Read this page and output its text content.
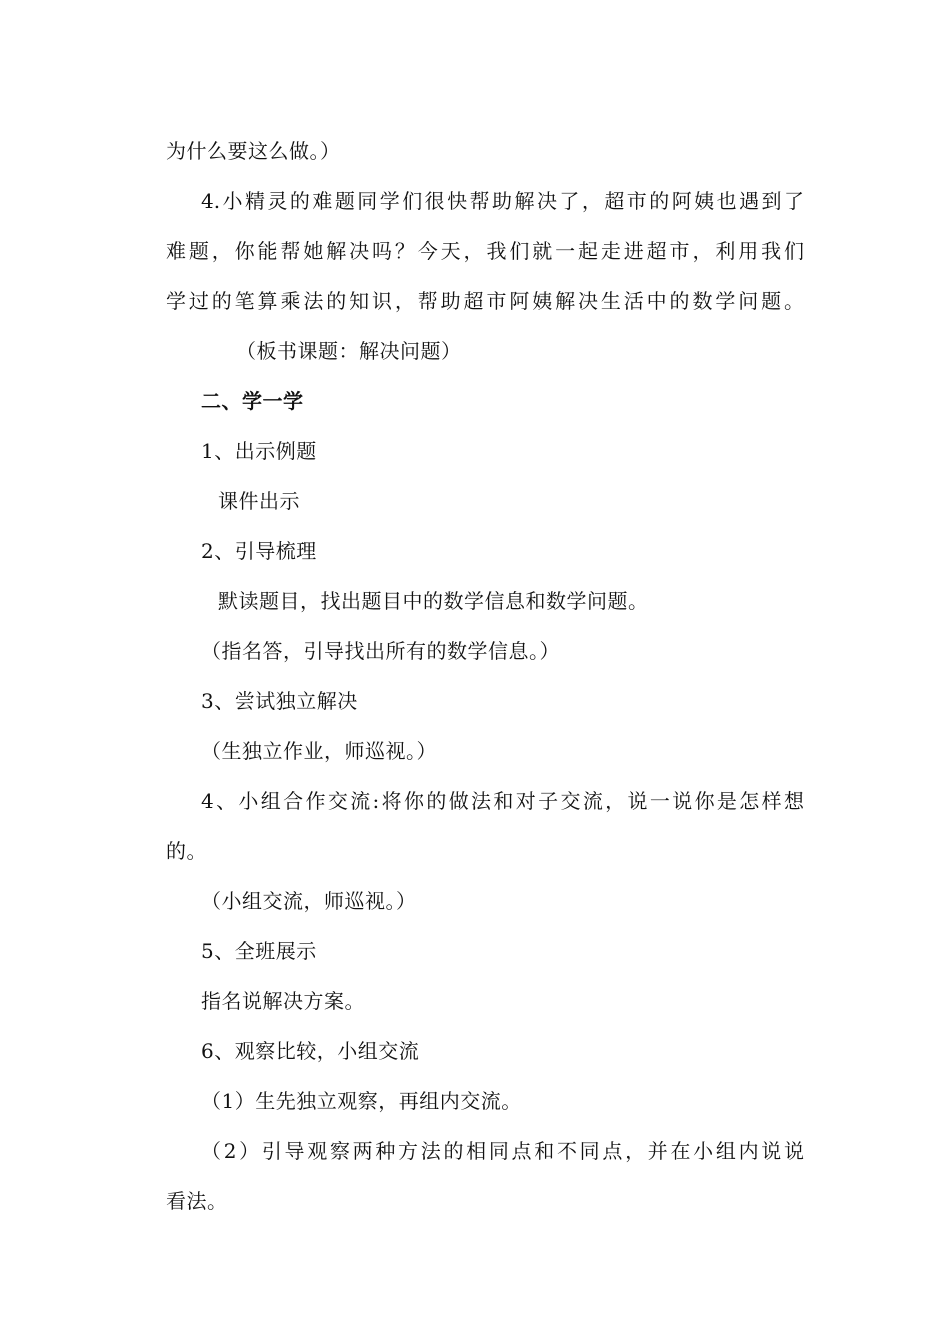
为什么要这么做。）
4.小精灵的难题同学们很快帮助解决了，超市的阿姨也遇到了
难题，你能帮她解决吗？今天，我们就一起走进超市，利用我们
学过的笔算乘法的知识，帮助超市阿姨解决生活中的数学问题。
（板书课题：解决问题）
二、学一学
1、出示例题
课件出示
2、引导梳理
默读题目，找出题目中的数学信息和数学问题。
（指名答，引导找出所有的数学信息。）
3、尝试独立解决
（生独立作业，师巡视。）
4、小组合作交流:将你的做法和对子交流，说一说你是怎样想
的。
（小组交流，师巡视。）
5、全班展示
指名说解决方案。
6、观察比较，小组交流
（1）生先独立观察，再组内交流。
（2）引导观察两种方法的相同点和不同点，并在小组内说说
看法。
